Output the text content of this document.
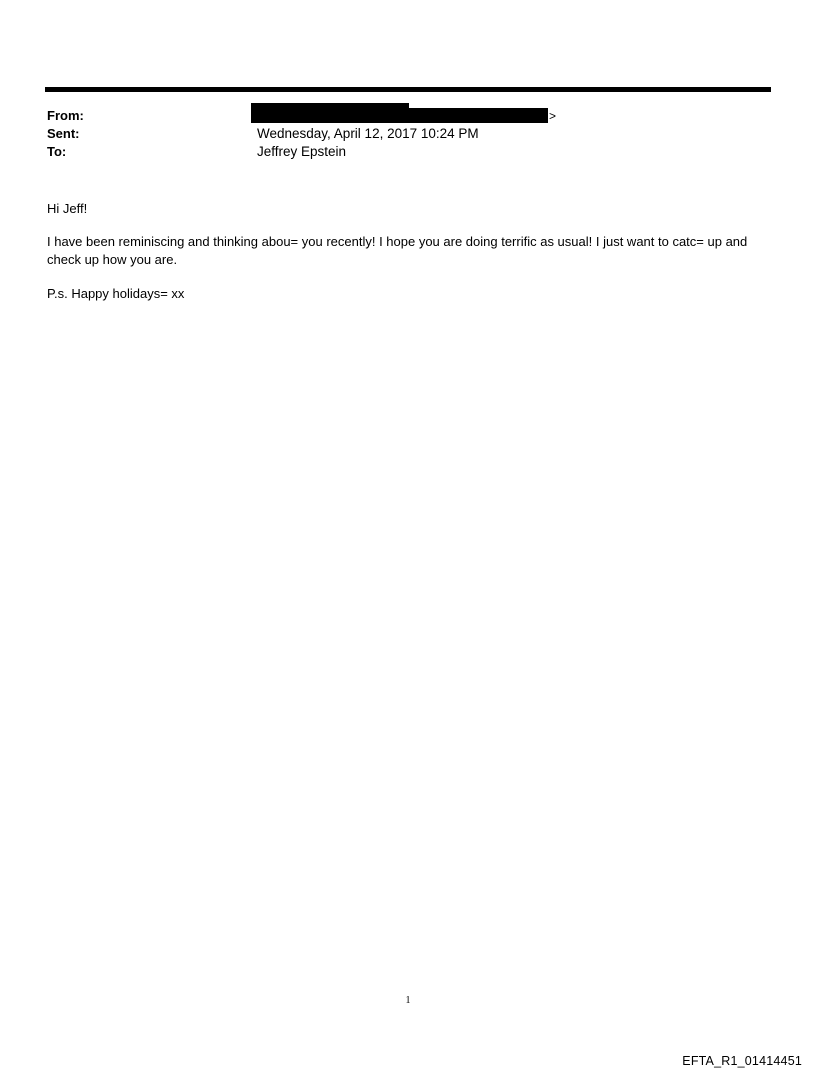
From:	>
Sent:	Wednesday, April 12, 2017 10:24 PM
To:	Jeffrey Epstein
Hi Jeff!
I have been reminiscing and thinking abou= you recently! I hope you are doing terrific as usual! I just want to catc= up and check up how you are.
P.s. Happy holidays= xx
1
EFTA_R1_01414451
